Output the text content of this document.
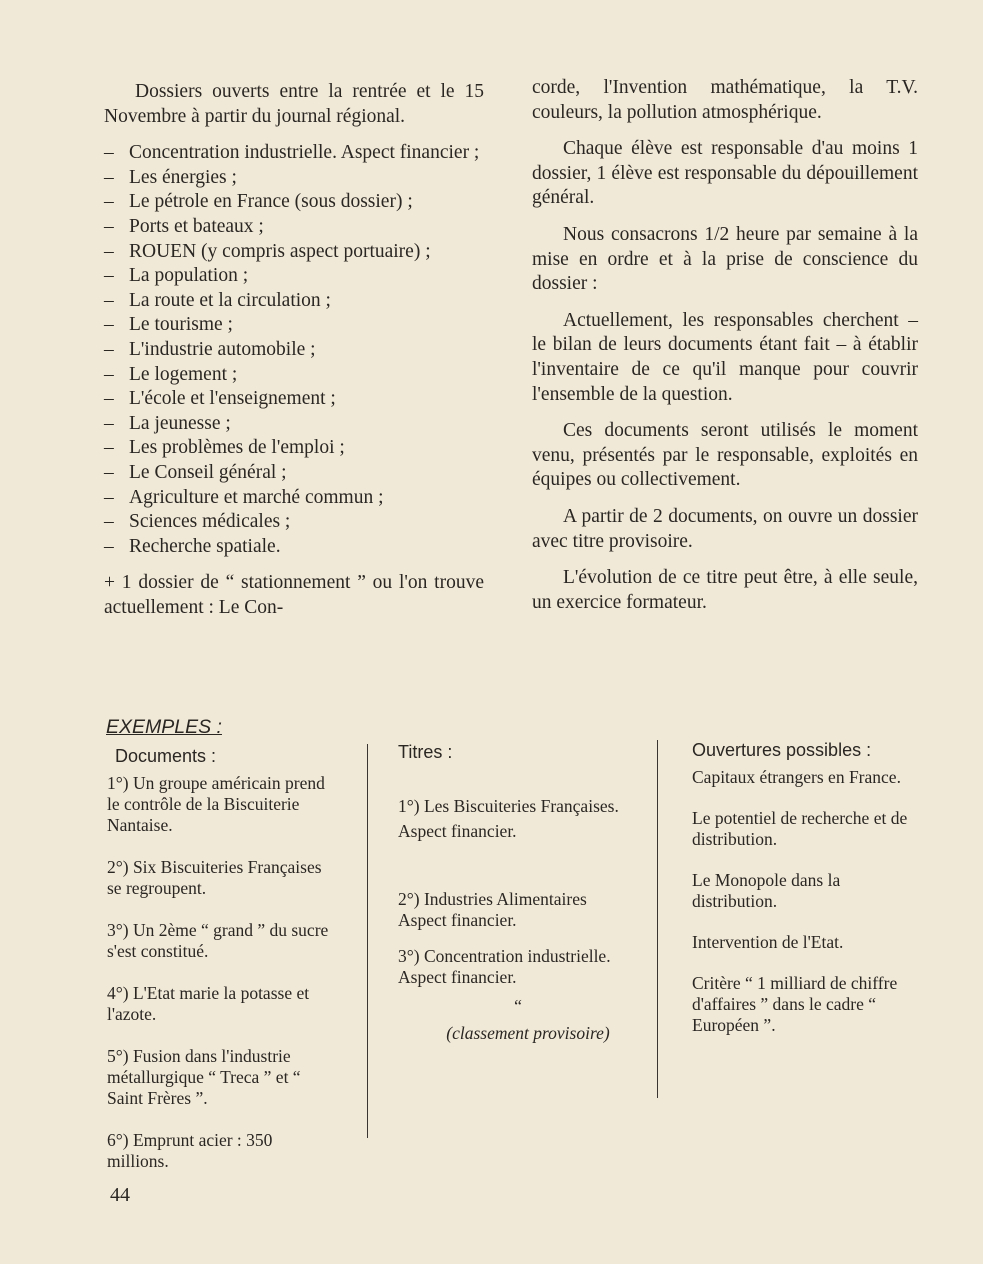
Dossiers ouverts entre la rentrée et le 15 Novembre à partir du journal régional.

– Concentration industrielle. Aspect financier ;
– Les énergies ;
– Le pétrole en France (sous dossier) ;
– Ports et bateaux ;
– ROUEN (y compris aspect portuaire) ;
– La population ;
– La route et la circulation ;
– Le tourisme ;
– L'industrie automobile ;
– Le logement ;
– L'école et l'enseignement ;
– La jeunesse ;
– Les problèmes de l'emploi ;
– Le Conseil général ;
– Agriculture et marché commun ;
– Sciences médicales ;
– Recherche spatiale.

+ 1 dossier de “ stationnement ” ou l'on trouve actuellement : Le Con-

corde, l'Invention mathématique, la T.V. couleurs, la pollution atmosphérique.

Chaque élève est responsable d'au moins 1 dossier, 1 élève est responsable du dépouillement général.

Nous consacrons 1/2 heure par semaine à la mise en ordre et à la prise de conscience du dossier :

Actuellement, les responsables cherchent – le bilan de leurs documents étant fait – à établir l'inventaire de ce qu'il manque pour couvrir l'ensemble de la question.

Ces documents seront utilisés le moment venu, présentés par le responsable, exploités en équipes ou collectivement.

A partir de 2 documents, on ouvre un dossier avec titre provisoire.

L'évolution de ce titre peut être, à elle seule, un exercice formateur.

EXEMPLES :
Documents :
1°) Un groupe américain prend le contrôle de la Biscuiterie Nantaise.
2°) Six Biscuiteries Françaises se regroupent.
3°) Un 2ème “ grand ” du sucre s'est constitué.
4°) L'Etat marie la potasse et l'azote.
5°) Fusion dans l'industrie métallurgique “ Treca ” et “ Saint Frères ”.
6°) Emprunt acier : 350 millions.
Titres :
1°) Les Biscuiteries Françaises.
Aspect financier.
2°) Industries Alimentaires Aspect financier.
3°) Concentration industrielle.
Aspect financier.
“
(classement provisoire)
Ouvertures possibles :
Capitaux étrangers en France.
Le potentiel de recherche et de distribution.
Le Monopole dans la distribution.
Intervention de l'Etat.
Critère “ 1 milliard de chiffre d'affaires ” dans le cadre “ Européen ”.
44
